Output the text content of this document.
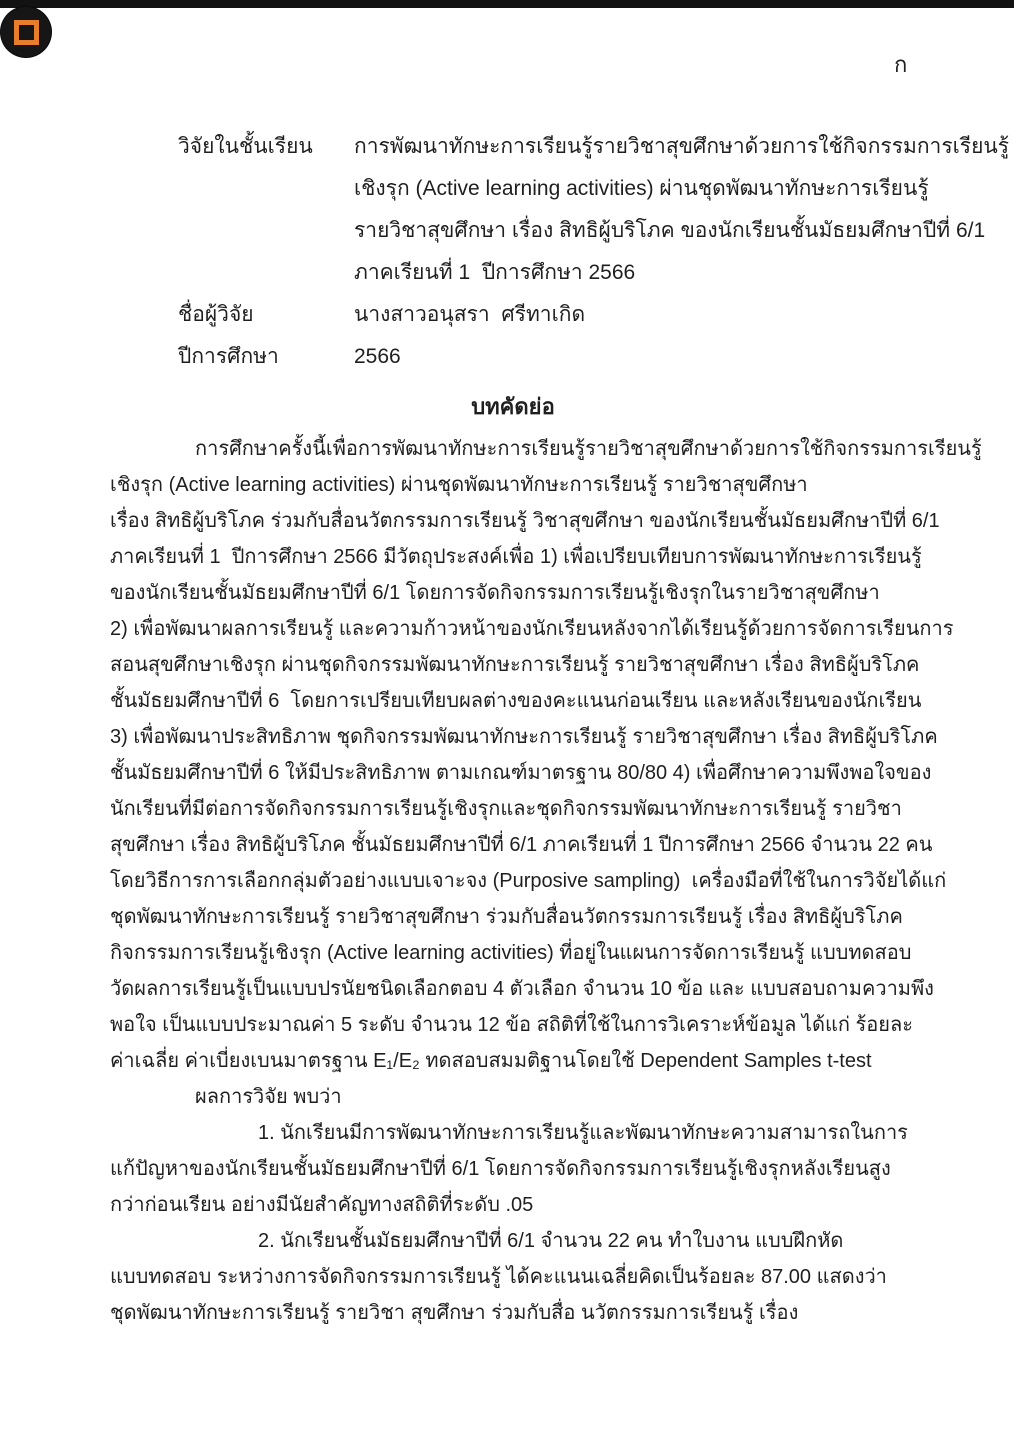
ก
วิจัยในชั้นเรียน	การพัฒนาทักษะการเรียนรู้รายวิชาสุขศึกษาด้วยการใช้กิจกรรมการเรียนรู้
เชิงรุก (Active learning activities) ผ่านชุดพัฒนาทักษะการเรียนรู้
รายวิชาสุขศึกษา เรื่อง สิทธิผู้บริโภค ของนักเรียนชั้นมัธยมศึกษาปีที่ 6/1
ภาคเรียนที่ 1  ปีการศึกษา 2566
ชื่อผู้วิจัย	นางสาวอนุสรา  ศรีทาเกิด
ปีการศึกษา	2566
บทคัดย่อ
การศึกษาครั้งนี้เพื่อการพัฒนาทักษะการเรียนรู้รายวิชาสุขศึกษาด้วยการใช้กิจกรรมการเรียนรู้
เชิงรุก (Active learning activities) ผ่านชุดพัฒนาทักษะการเรียนรู้ รายวิชาสุขศึกษา
เรื่อง สิทธิผู้บริโภค ร่วมกับสื่อนวัตกรรมการเรียนรู้ วิชาสุขศึกษา ของนักเรียนชั้นมัธยมศึกษาปีที่ 6/1
ภาคเรียนที่ 1  ปีการศึกษา 2566 มีวัตถุประสงค์เพื่อ 1) เพื่อเปรียบเทียบการพัฒนาทักษะการเรียนรู้
ของนักเรียนชั้นมัธยมศึกษาปีที่ 6/1 โดยการจัดกิจกรรมการเรียนรู้เชิงรุกในรายวิชาสุขศึกษา
2) เพื่อพัฒนาผลการเรียนรู้ และความก้าวหน้าของนักเรียนหลังจากได้เรียนรู้ด้วยการจัดการเรียนการ
สอนสุขศึกษาเชิงรุก ผ่านชุดกิจกรรมพัฒนาทักษะการเรียนรู้ รายวิชาสุขศึกษา เรื่อง สิทธิผู้บริโภค
ชั้นมัธยมศึกษาปีที่ 6  โดยการเปรียบเทียบผลต่างของคะแนนก่อนเรียน และหลังเรียนของนักเรียน
3) เพื่อพัฒนาประสิทธิภาพ ชุดกิจกรรมพัฒนาทักษะการเรียนรู้ รายวิชาสุขศึกษา เรื่อง สิทธิผู้บริโภค
ชั้นมัธยมศึกษาปีที่ 6 ให้มีประสิทธิภาพ ตามเกณฑ์มาตรฐาน 80/80 4) เพื่อศึกษาความพึงพอใจของ
นักเรียนที่มีต่อการจัดกิจกรรมการเรียนรู้เชิงรุกและชุดกิจกรรมพัฒนาทักษะการเรียนรู้ รายวิชา
สุขศึกษา เรื่อง สิทธิผู้บริโภค ชั้นมัธยมศึกษาปีที่ 6/1 ภาคเรียนที่ 1 ปีการศึกษา 2566 จำนวน 22 คน
โดยวิธีการการเลือกกลุ่มตัวอย่างแบบเจาะจง (Purposive sampling)  เครื่องมือที่ใช้ในการวิจัยได้แก่
ชุดพัฒนาทักษะการเรียนรู้ รายวิชาสุขศึกษา ร่วมกับสื่อนวัตกรรมการเรียนรู้ เรื่อง สิทธิผู้บริโภค
กิจกรรมการเรียนรู้เชิงรุก (Active learning activities) ที่อยู่ในแผนการจัดการเรียนรู้ แบบทดสอบ
วัดผลการเรียนรู้เป็นแบบปรนัยชนิดเลือกตอบ 4 ตัวเลือก จำนวน 10 ข้อ และ แบบสอบถามความพึง
พอใจ เป็นแบบประมาณค่า 5 ระดับ จำนวน 12 ข้อ สถิติที่ใช้ในการวิเคราะห์ข้อมูล ได้แก่ ร้อยละ
ค่าเฉลี่ย ค่าเบี่ยงเบนมาตรฐาน E₁/E₂ ทดสอบสมมติฐานโดยใช้ Dependent Samples t-test
ผลการวิจัย พบว่า
1. นักเรียนมีการพัฒนาทักษะการเรียนรู้และพัฒนาทักษะความสามารถในการ
แก้ปัญหาของนักเรียนชั้นมัธยมศึกษาปีที่ 6/1 โดยการจัดกิจกรรมการเรียนรู้เชิงรุกหลังเรียนสูง
กว่าก่อนเรียน อย่างมีนัยสำคัญทางสถิติที่ระดับ .05
2. นักเรียนชั้นมัธยมศึกษาปีที่ 6/1 จำนวน 22 คน ทำใบงาน แบบฝึกหัด
แบบทดสอบ ระหว่างการจัดกิจกรรมการเรียนรู้ ได้คะแนนเฉลี่ยคิดเป็นร้อยละ 87.00 แสดงว่า
ชุดพัฒนาทักษะการเรียนรู้ รายวิชา สุขศึกษา ร่วมกับสื่อ นวัตกรรมการเรียนรู้ เรื่อง
